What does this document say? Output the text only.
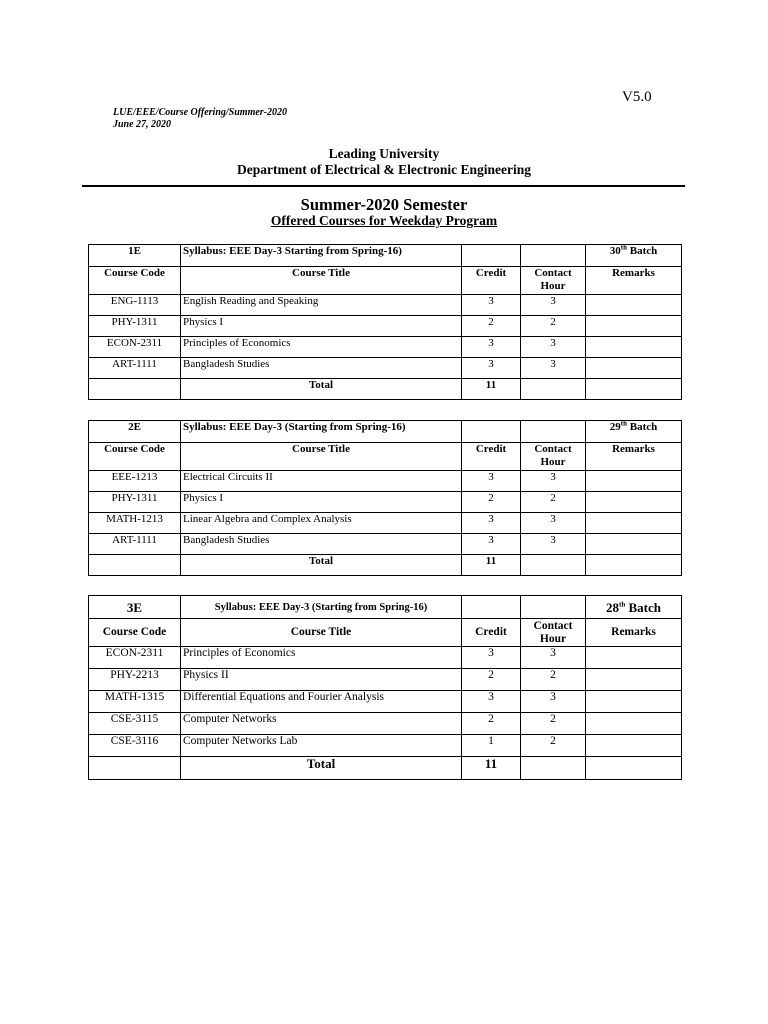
V5.0
LUE/EEE/Course Offering/Summer-2020
June 27, 2020
Leading University
Department of Electrical & Electronic Engineering
Summer-2020 Semester
Offered Courses for Weekday Program
1E	Syllabus: EEE Day-3 Starting from Spring-16)			30th Batch
Course Code	Course Title	Credit	Contact Hour	Remarks
ENG-1113	English Reading and Speaking	3	3	
PHY-1311	Physics I	2	2	
ECON-2311	Principles of Economics	3	3	
ART-1111	Bangladesh Studies	3	3	
	Total	11		
2E	Syllabus: EEE Day-3 (Starting from Spring-16)			29th Batch
Course Code	Course Title	Credit	Contact Hour	Remarks
EEE-1213	Electrical Circuits II	3	3	
PHY-1311	Physics I	2	2	
MATH-1213	Linear Algebra and Complex Analysis	3	3	
ART-1111	Bangladesh Studies	3	3	
	Total	11		
3E	Syllabus: EEE Day-3 (Starting from Spring-16)			28th Batch
Course Code	Course Title	Credit	Contact Hour	Remarks
ECON-2311	Principles of Economics	3	3	
PHY-2213	Physics II	2	2	
MATH-1315	Differential Equations and Fourier Analysis	3	3	
CSE-3115	Computer Networks	2	2	
CSE-3116	Computer Networks Lab	1	2	
	Total	11		
